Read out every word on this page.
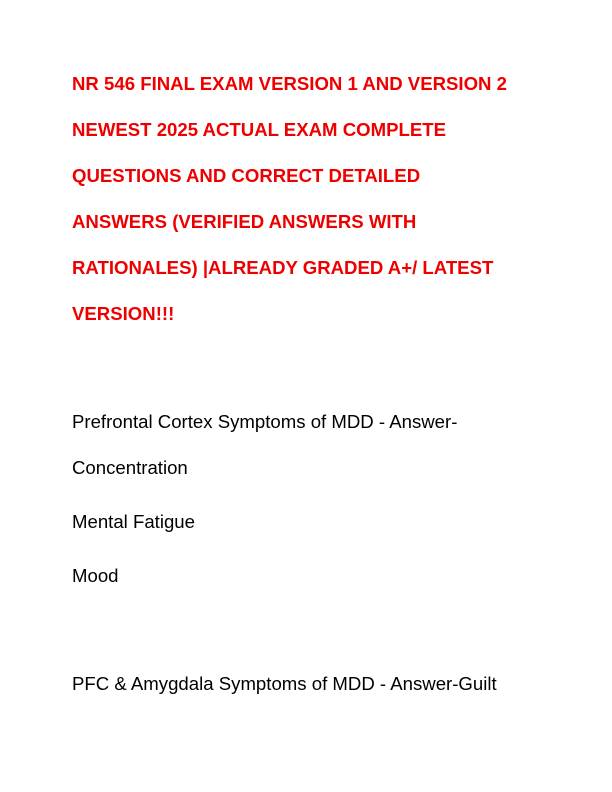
NR 546 FINAL EXAM VERSION 1 AND VERSION 2
NEWEST 2025 ACTUAL EXAM COMPLETE
QUESTIONS AND CORRECT DETAILED
ANSWERS (VERIFIED ANSWERS WITH
RATIONALES) |ALREADY GRADED A+/ LATEST
VERSION!!!
Prefrontal Cortex Symptoms of MDD - Answer-
Concentration
Mental Fatigue
Mood
PFC & Amygdala Symptoms of MDD - Answer-Guilt
